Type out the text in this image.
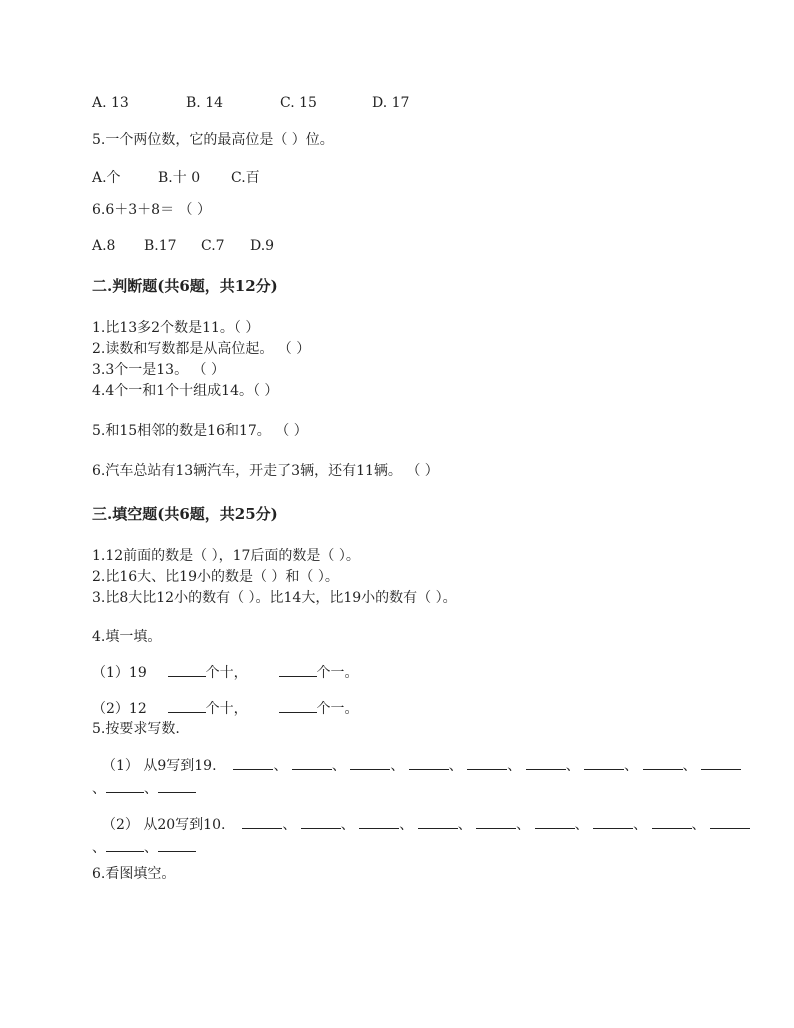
A. 13	B. 14	C. 15	D. 17
5.一个两位数，它的最高位是（ ）位。
A.个	B.十 0 C.百
6.6＋3＋8＝ （ ）
A.8 B.17 C.7 D.9
二.判断题(共6题，共12分)
1.比13多2个数是11。（ ）
2.读数和写数都是从高位起。 （ ）
3.3个一是13。 （ ）
4.4个一和1个十组成14。（ ）
5.和15相邻的数是16和17。 （ ）
6.汽车总站有13辆汽车，开走了3辆，还有11辆。 （ ）
三.填空题(共6题，共25分)
1.12前面的数是（ ），17后面的数是（ ）。
2.比16大、比19小的数是（ ）和（ ）。
3.比8大比12小的数有（ ）。比14大，比19小的数有（ ）。
4.填一填。
（1）19	个十，	个一。
（2）12	个十，	个一。
5.按要求写数.
（1） 从9写到19.	、	、	、	、	、	、	、	、
、	、
（2） 从20写到10.	、	、	、	、	、	、	、	、
、	、
6.看图填空。
